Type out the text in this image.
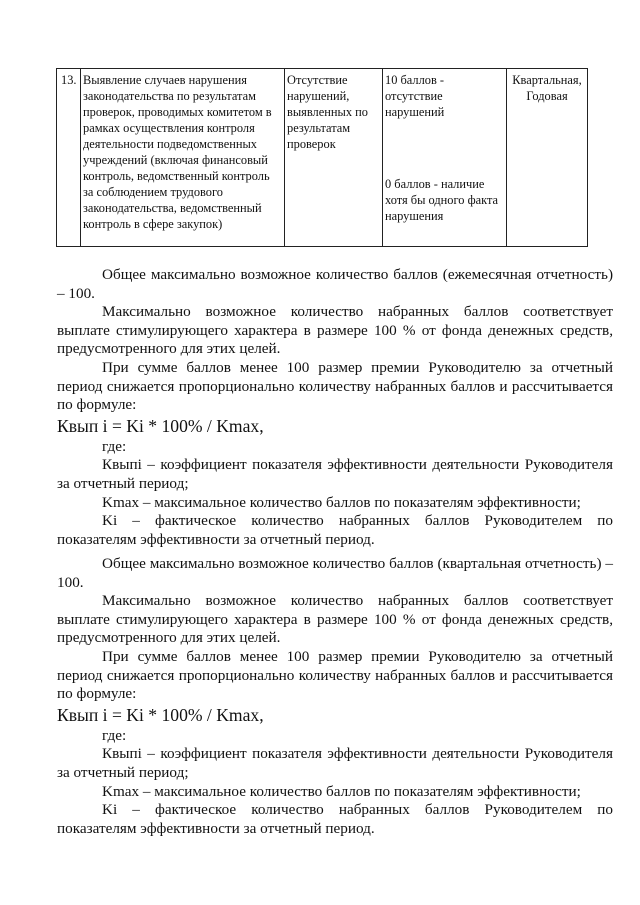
13. Выявление случаев нарушения
законодательства по результатам
проверок, проводимых комитетом в
рамках осуществления контроля
деятельности подведомственных
учреждений (включая финансовый
контроль, ведомственный контроль
за соблюдением трудового
законодательства, ведомственный
контроль в сфере закупок)
Отсутствие
нарушений,
выявленных по
результатам
проверок
10 баллов -
отсутствие
нарушений
0 баллов - наличие
хотя бы одного факта
нарушения
Квартальная,
Годовая

Общее максимально возможное количество баллов (ежемесячная отчетность) – 100.

Максимально возможное количество набранных баллов соответствует выплате стимулирующего характера в размере 100 % от фонда денежных средств, предусмотренного для этих целей.

При сумме баллов менее 100 размер премии Руководителю за отчетный период снижается пропорционально количеству набранных баллов и рассчитывается по формуле:

Квып i = Ki * 100% / Kmax,

где:

Квыпi – коэффициент показателя эффективности деятельности Руководителя за отчетный период;

Kmax – максимальное количество баллов по показателям эффективности;

Ki – фактическое количество набранных баллов Руководителем по показателям эффективности за отчетный период.

Общее максимально возможное количество баллов (квартальная отчетность) – 100.

Максимально возможное количество набранных баллов соответствует выплате стимулирующего характера в размере 100 % от фонда денежных средств, предусмотренного для этих целей.

При сумме баллов менее 100 размер премии Руководителю за отчетный период снижается пропорционально количеству набранных баллов и рассчитывается по формуле:

Квып i = Ki * 100% / Kmax,

где:

Квыпi – коэффициент показателя эффективности деятельности Руководителя за отчетный период;

Kmax – максимальное количество баллов по показателям эффективности;

Ki – фактическое количество набранных баллов Руководителем по показателям эффективности за отчетный период.
